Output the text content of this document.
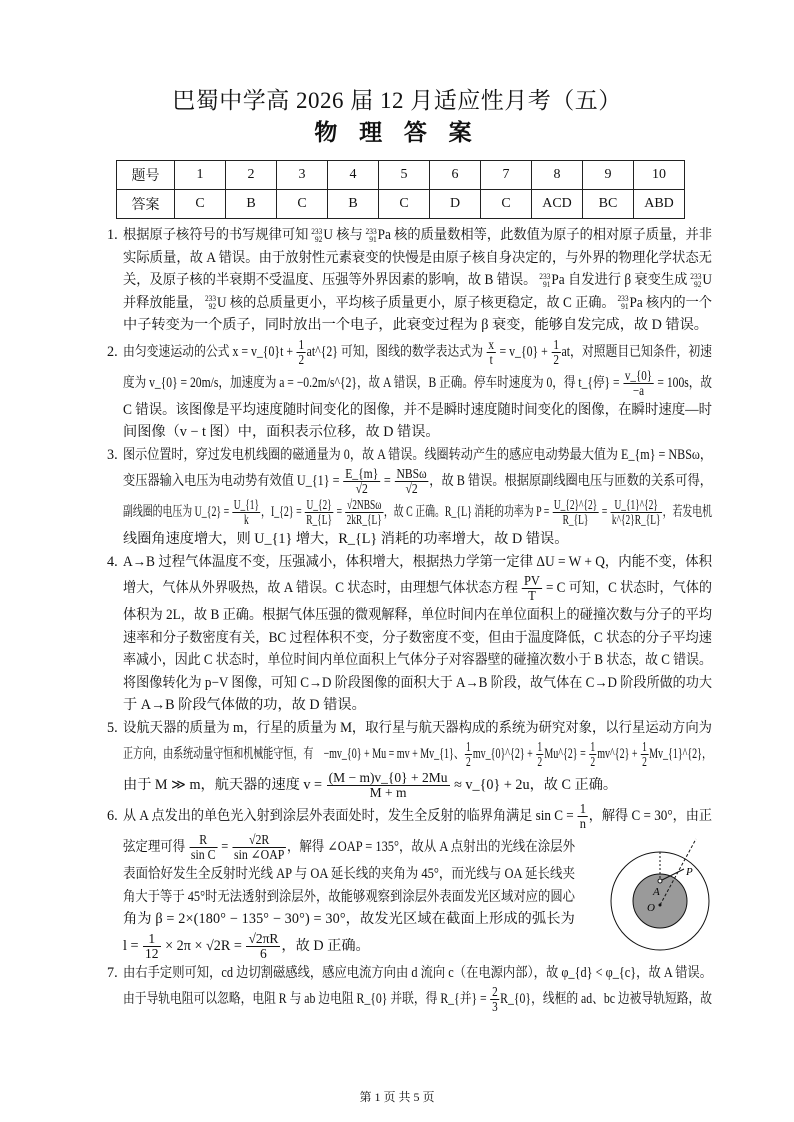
巴蜀中学高 2026 届 12 月适应性月考（五）
物 理 答 案
题号	1	2	3	4	5	6	7	8	9	10
答案	C	B	C	B	C	D	C	ACD	BC	ABD
1. 根据原子核符号的书写规律可知 233
92 U 核与 233
91 Pa 核的质量数相等，此数值为原子的相对原子质量，并非
实际质量，故 A 错误。由于放射性元素衰变的快慢是由原子核自身决定的，与外界的物理化学状态无
关，及原子核的半衰期不受温度、压强等外界因素的影响，故 B 错误。 233
91 Pa 自发进行 β 衰变生成 233
92 U
并释放能量， 233
92 U 核的总质量更小，平均核子质量更小，原子核更稳定，故 C 正确。 233
91 Pa 核内的一个
中子转变为一个质子，同时放出一个电子，此衰变过程为 β 衰变，能够自发完成，故 D 错误。
2. 由匀变速运动的公式 x = v_{0}t + $\frac{1}{2}$ at^{2} 可知，图线的数学表达式为 $\frac{x}{t}$ = v_{0} + $\frac{1}{2}$ at，对照题目已知条件，初速
度为 v_{0} = 20m/s，加速度为 a = −0.2m/s^{2}，故 A 错误，B 正确。停车时速度为 0，得 t_{停} = $\frac{v\_\{0\}}{-a} = 100s$，故
C 错误。该图像是平均速度随时间变化的图像，并不是瞬时速度随时间变化的图像，在瞬时速度—时
间图像（v − t 图）中，面积表示位移，故 D 错误。
3. 图示位置时，穿过发电机线圈的磁通量为 0，故 A 错误。线圈转动产生的感应电动势最大值为 E_{m} = NBSω，
变压器输入电压为电动势有效值 U_{1} = $\frac{E\_\{m\}}{√2} = \frac{\text{NBSω}}{√2}$ ，故 B 错误。根据原副线圈电压与匝数的关系可得，
副线圈的电压为 U_{2} = $\frac{U\_\{1\}}{k}$ ，I_{2} = $\frac{U\_\{2\}}{R\_\{L\}} = \frac{\text{√2NBSω}}{2kR\_\{L\}}$ ，故 C 正确。R_{L} 消耗的功率为 $P = \frac{U\_\{2\}\^{}\{2\}}{R\_\{L\}} = \frac{U\_\{1\}\^{}\{2\}}{k\^{}\{2\}R\_\{L\}}$ ，若发电机
线圈角速度增大，则 U_{1} 增大，R_{L} 消耗的功率增大，故 D 错误。
4. A→B 过程气体温度不变，压强减小，体积增大，根据热力学第一定律 ΔU = W + Q，内能不变，体积
增大，气体从外界吸热，故 A 错误。C 状态时，由理想气体状态方程 $\frac{PV}{T} = C$ 可知，C 状态时，气体的
体积为 2L，故 B 正确。根据气体压强的微观解释，单位时间内在单位面积上的碰撞次数与分子的平均
速率和分子数密度有关，BC 过程体积不变，分子数密度不变，但由于温度降低，C 状态的分子平均速
率减小，因此 C 状态时，单位时间内单位面积上气体分子对容器壁的碰撞次数小于 B 状态，故 C 错误。
将图像转化为 p−V 图像，可知 C→D 阶段图像的面积大于 A→B 阶段，故气体在 C→D 阶段所做的功大
于 A→B 阶段气体做的功，故 D 错误。
5. 设航天器的质量为 m，行星的质量为 M，取行星与航天器构成的系统为研究对象，以行星运动方向为
正方向，由系统动量守恒和机械能守恒，有　−mv_{0} + Mu = mv + Mv_{1}、 $\frac{1}{2}$ mv_{0}^{2} + $\frac{1}{2}$ Mu^{2} = $\frac{1}{2}$ mv^{2} + $\frac{1}{2}$ Mv_{1}^{2}，
由于 M ≫ m，航天器的速度 $v = \frac{(M - m)v\_\{0\} + 2Mu}{M + m}$ ≈ v_{0} + 2u，故 C 正确。
6. 从 A 点发出的单色光入射到涂层外表面处时，发生全反射的临界角满足 $\sin C = \frac{1}{n}$ ，解得 C = 30°，由正
弦定理可得 $\frac{R}{\text{sin C}} = \frac{√2R}{\text{sin ∠OAP}}$ ，解得 ∠OAP = 135°，故从 A 点射出的光线在涂层外
表面恰好发生全反射时光线 AP 与 OA 延长线的夹角为 45°，而光线与 OA 延长线夹
角大于等于 45°时无法透射到涂层外，故能够观察到涂层外表面发光区域对应的圆心
角为 β = 2×(180° − 135° − 30°) = 30°，故发光区域在截面上形成的弧长为
$l = \frac{1}{12} \times 2\pi \times √2R = \frac{√2\pi R}{6}$ ，故 D 正确。
A
P
O
7. 由右手定则可知，cd 边切割磁感线，感应电流方向由 d 流向 c（在电源内部），故 φ_{d} < φ_{c}，故 A 错误。
由于导轨电阻可以忽略，电阻 R 与 ab 边电阻 R_{0} 并联，得 R_{并} = $\frac{2}{3}$ R_{0}，线框的 ad、bc 边被导轨短路，故
第 1 页 共 5 页
